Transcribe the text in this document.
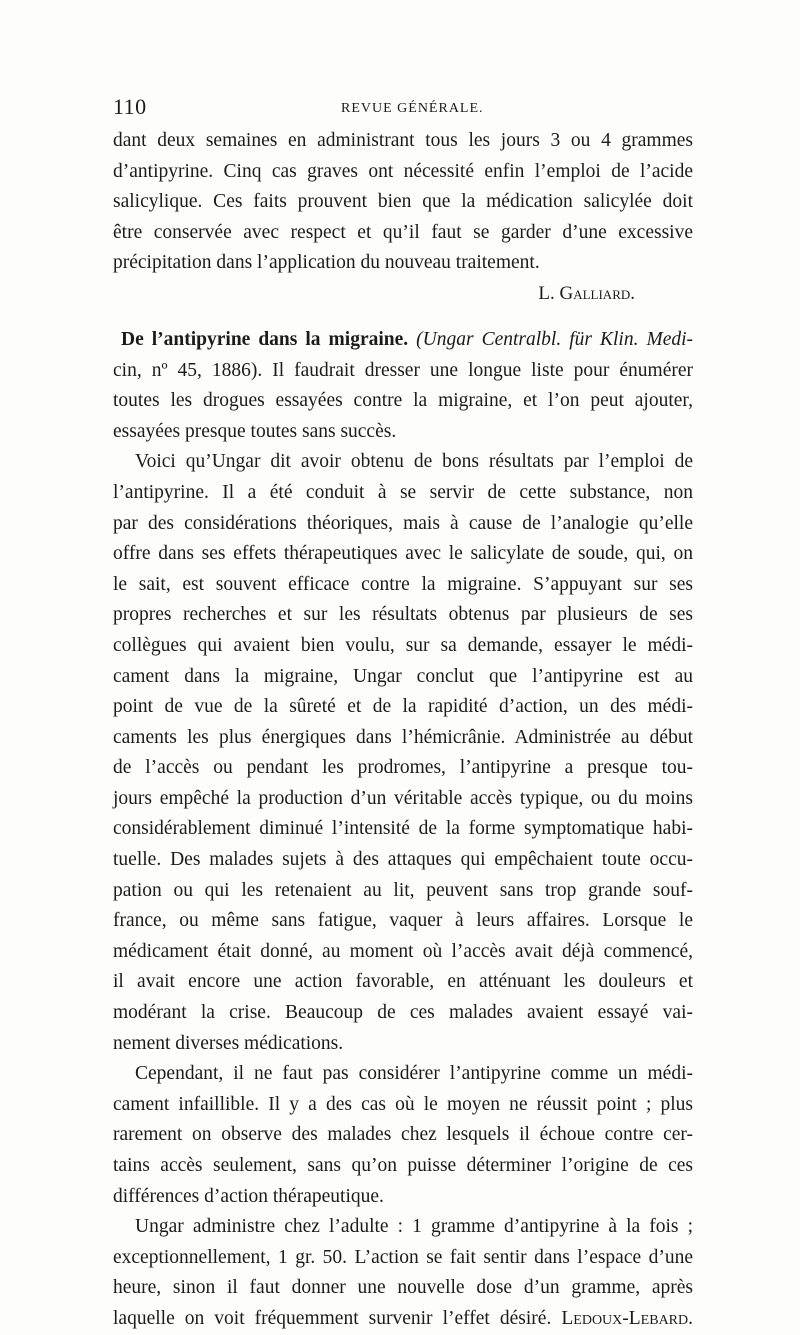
110	REVUE GÉNÉRALE.
dant deux semaines en administrant tous les jours 3 ou 4 grammes
d’antipyrine. Cinq cas graves ont nécessité enfin l’emploi de l’acide
salicylique. Ces faits prouvent bien que la médication salicylée doit
être conservée avec respect et qu’il faut se garder d’une excessive
précipitation dans l’application du nouveau traitement.
L. Galliard.
De l’antipyrine dans la migraine. (Ungar Centralbl. für Klin. Medi-
cin, nº 45, 1886). Il faudrait dresser une longue liste pour énumérer
toutes les drogues essayées contre la migraine, et l’on peut ajouter,
essayées presque toutes sans succès.
Voici qu’Ungar dit avoir obtenu de bons résultats par l’emploi de
l’antipyrine. Il a été conduit à se servir de cette substance, non
par des considérations théoriques, mais à cause de l’analogie qu’elle
offre dans ses effets thérapeutiques avec le salicylate de soude, qui, on
le sait, est souvent efficace contre la migraine. S’appuyant sur ses
propres recherches et sur les résultats obtenus par plusieurs de ses
collègues qui avaient bien voulu, sur sa demande, essayer le médi-
cament dans la migraine, Ungar conclut que l’antipyrine est au
point de vue de la sûreté et de la rapidité d’action, un des médi-
caments les plus énergiques dans l’hémicrânie. Administrée au début
de l’accès ou pendant les prodromes, l’antipyrine a presque tou-
jours empêché la production d’un véritable accès typique, ou du moins
considérablement diminué l’intensité de la forme symptomatique habi-
tuelle. Des malades sujets à des attaques qui empêchaient toute occu-
pation ou qui les retenaient au lit, peuvent sans trop grande souf-
france, ou même sans fatigue, vaquer à leurs affaires. Lorsque le
médicament était donné, au moment où l’accès avait déjà commencé,
il avait encore une action favorable, en atténuant les douleurs et
modérant la crise. Beaucoup de ces malades avaient essayé vai-
nement diverses médications.
Cependant, il ne faut pas considérer l’antipyrine comme un médi-
cament infaillible. Il y a des cas où le moyen ne réussit point ; plus
rarement on observe des malades chez lesquels il échoue contre cer-
tains accès seulement, sans qu’on puisse déterminer l’origine de ces
différences d’action thérapeutique.
Ungar administre chez l’adulte : 1 gramme d’antipyrine à la fois ;
exceptionnellement, 1 gr. 50. L’action se fait sentir dans l’espace d’une
heure, sinon il faut donner une nouvelle dose d’un gramme, après
laquelle on voit fréquemment survenir l’effet désiré. Ledoux-Lebard.
